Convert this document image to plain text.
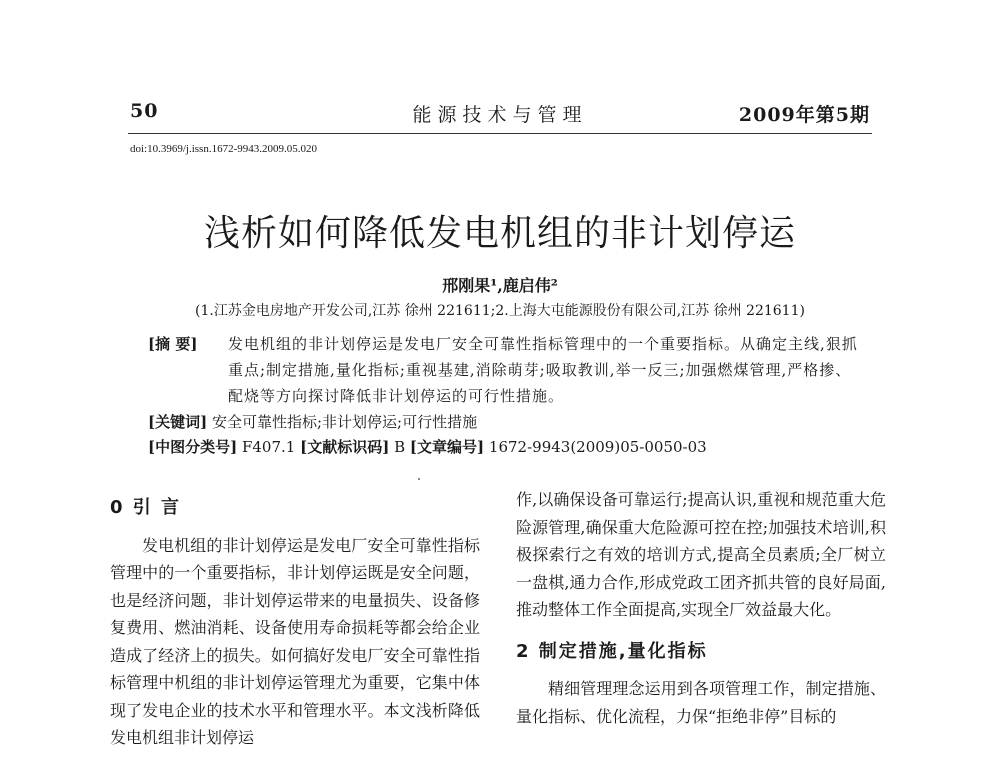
50	能源技术与管理	2009年第5期
doi:10.3969/j.issn.1672-9943.2009.05.020
浅析如何降低发电机组的非计划停运
邢刚果¹,鹿启伟²
(1.江苏金电房地产开发公司,江苏 徐州 221611;2.上海大屯能源股份有限公司,江苏 徐州 221611)
[摘 要] 发电机组的非计划停运是发电厂安全可靠性指标管理中的一个重要指标。从确定主线,狠抓重点;制定措施,量化指标;重视基建,消除萌芽;吸取教训,举一反三;加强燃煤管理,严格掺、配烧等方向探讨降低非计划停运的可行性措施。
[关键词] 安全可靠性指标;非计划停运;可行性措施
[中图分类号] F407.1 [文献标识码] B [文章编号] 1672-9943(2009)05-0050-03
0 引 言

发电机组的非计划停运是发电厂安全可靠性指标管理中的一个重要指标，非计划停运既是安全问题，也是经济问题，非计划停运带来的电量损失、设备修复费用、燃油消耗、设备使用寿命损耗等都会给企业造成了经济上的损失。如何搞好发电厂安全可靠性指标管理中机组的非计划停运管理尤为重要，它集中体现了发电企业的技术水平和管理水平。本文浅析降低发电机组非计划停运

作,以确保设备可靠运行;提高认识,重视和规范重大危险源管理,确保重大危险源可控在控;加强技术培训,积极探索行之有效的培训方式,提高全员素质;全厂树立一盘棋,通力合作,形成党政工团齐抓共管的良好局面,推动整体工作全面提高,实现全厂效益最大化。

2 制定措施,量化指标

精细管理理念运用到各项管理工作，制定措施、量化指标、优化流程，力保“拒绝非停”目标的
